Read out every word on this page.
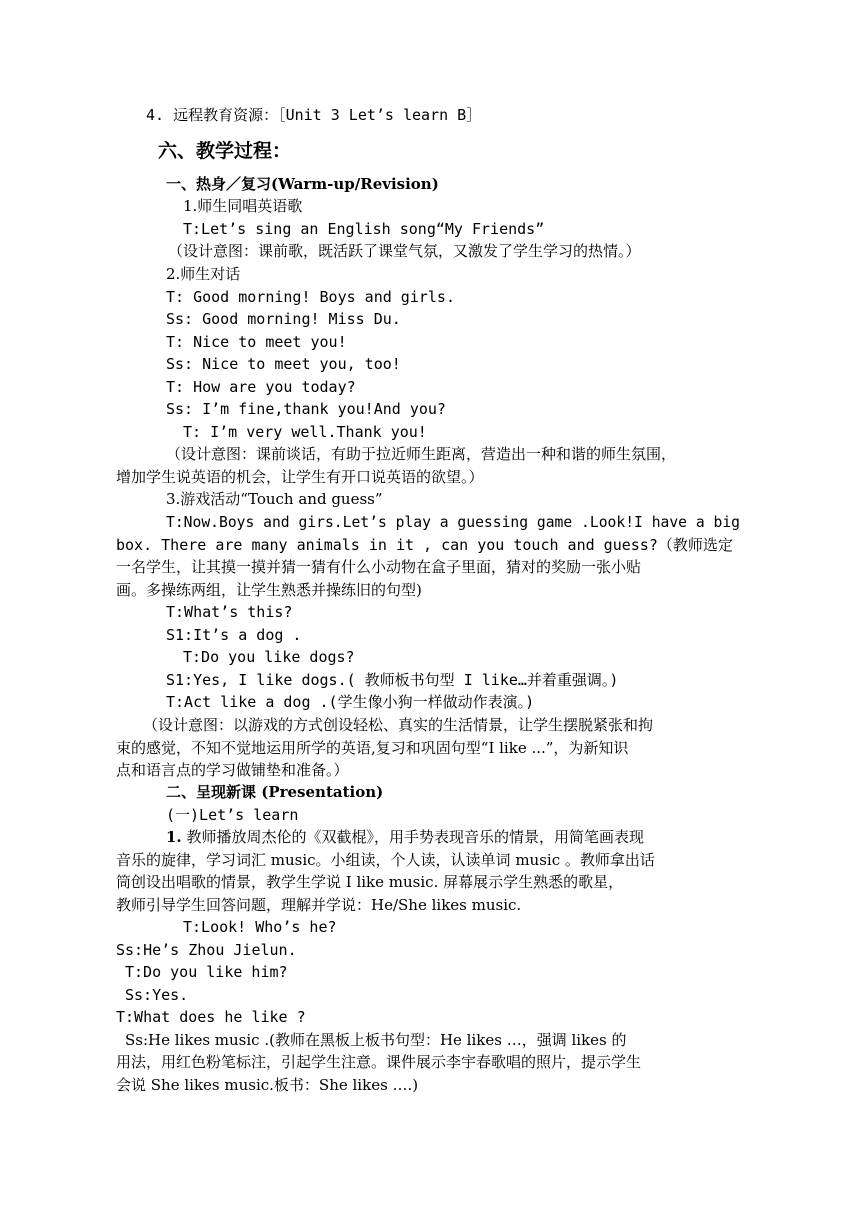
4. 远程教育资源：［Unit 3 Let’s learn B］
六、教学过程：
一、热身／复习(Warm-up/Revision)
1.师生同唱英语歌
T:Let’s sing an English song“My Friends”
（设计意图：课前歌，既活跃了课堂气氛，又激发了学生学习的热情。）
2.师生对话
T: Good morning! Boys and girls.
Ss: Good morning! Miss Du.
T: Nice to meet you!
Ss: Nice to meet you, too!
T: How are you today?
Ss: I’m fine,thank you!And you?
T: I’m very well.Thank you!
（设计意图：课前谈话，有助于拉近师生距离，营造出一种和谐的师生氛围，
增加学生说英语的机会，让学生有开口说英语的欲望。）
3.游戏活动“Touch and guess”
T:Now.Boys and girs.Let’s play a guessing game .Look!I have a big
box. There are many animals in it , can you touch and guess?（教师选定
一名学生，让其摸一摸并猜一猜有什么小动物在盒子里面，猜对的奖励一张小贴
画。多操练两组，让学生熟悉并操练旧的句型)
T:What’s this?
S1:It’s a dog .
T:Do you like dogs?
S1:Yes, I like dogs.( 教师板书句型 I like…并着重强调。)
T:Act like a dog .(学生像小狗一样做动作表演。)
（设计意图：以游戏的方式创设轻松、真实的生活情景，让学生摆脱紧张和拘
束的感觉，不知不觉地运用所学的英语,复习和巩固句型“I like ...”，为新知识
点和语言点的学习做铺垫和准备。）
二、呈现新课 (Presentation)
(一)Let’s learn
1. 教师播放周杰伦的《双截棍》，用手势表现音乐的情景，用简笔画表现
音乐的旋律，学习词汇 music。小组读，个人读，认读单词 music 。教师拿出话
筒创设出唱歌的情景，教学生学说 I like music. 屏幕展示学生熟悉的歌星，
教师引导学生回答问题，理解并学说：He/She likes music.
T:Look! Who’s he?
Ss:He’s Zhou Jielun.
T:Do you like him?
Ss:Yes.
T:What does he like ?
Ss:He likes music .(教师在黑板上板书句型：He likes …，强调 likes 的
用法，用红色粉笔标注，引起学生注意。课件展示李宇春歌唱的照片，提示学生
会说 She likes music.板书：She likes ….)
